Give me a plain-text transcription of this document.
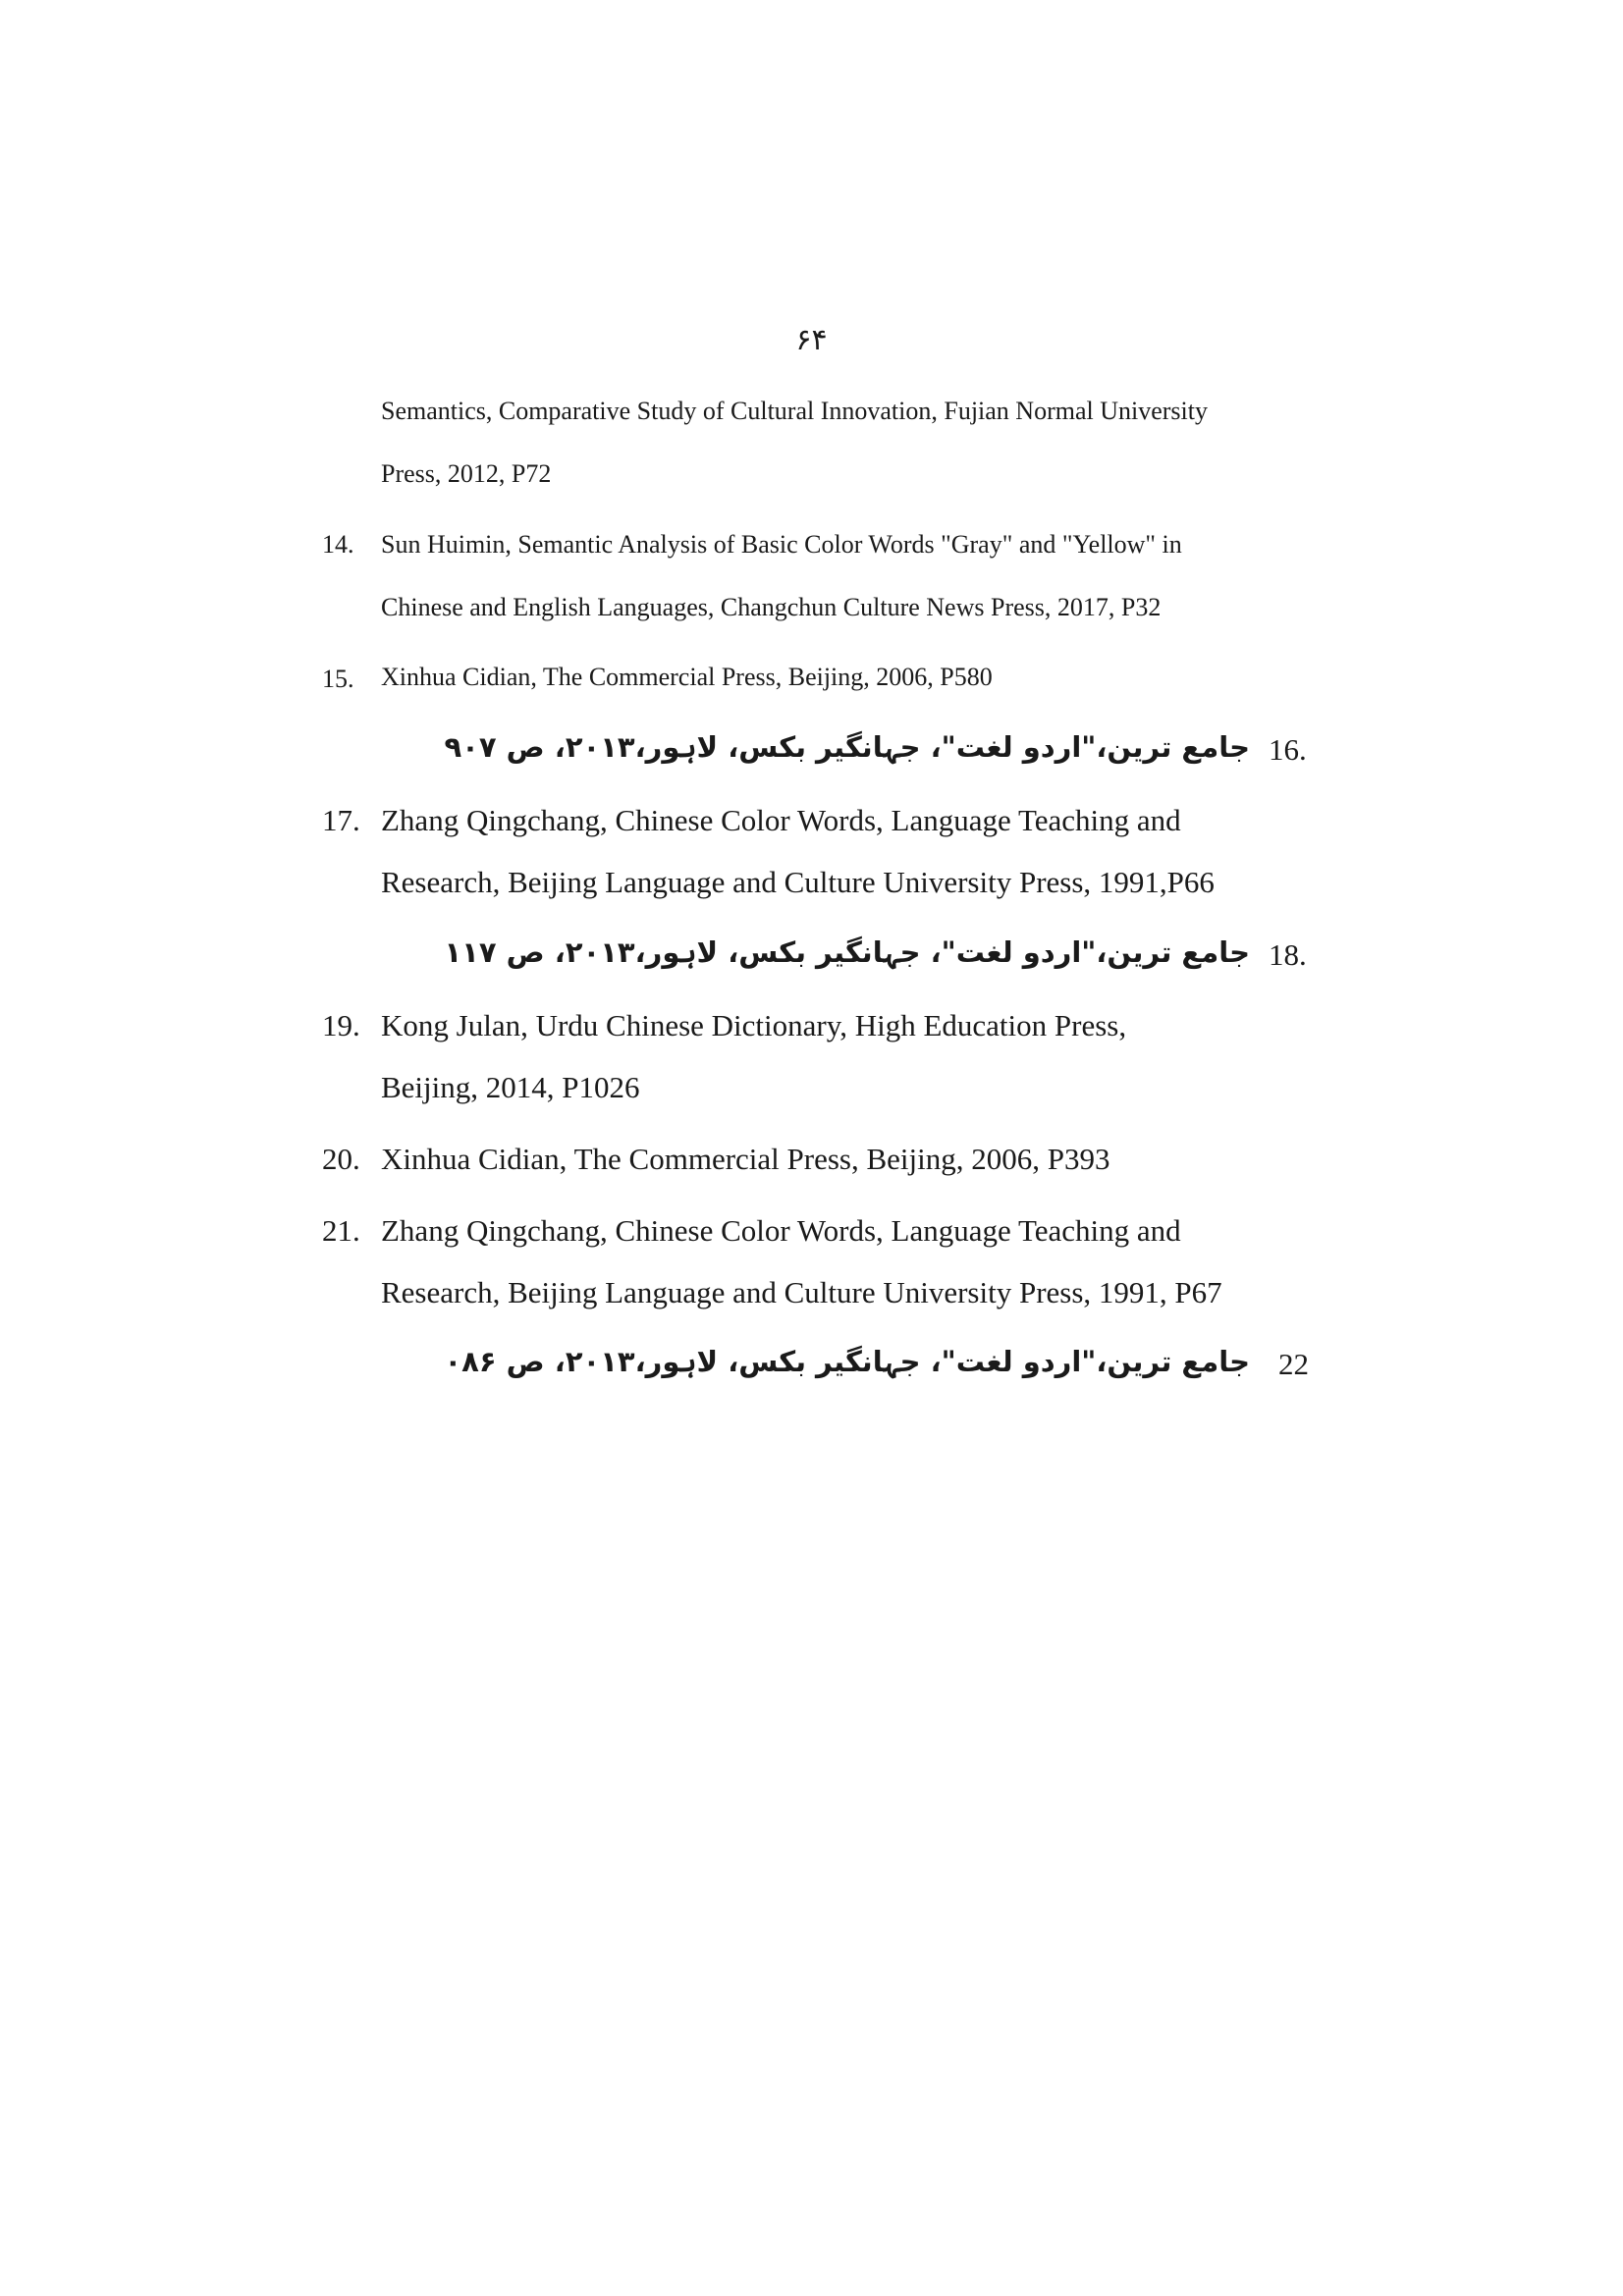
۶۴
Semantics, Comparative Study of Cultural Innovation, Fujian Normal University
Press, 2012, P72
14. Sun Huimin, Semantic Analysis of Basic Color Words "Gray" and "Yellow" in
Chinese and English Languages, Changchun Culture News Press, 2017, P32
15. Xinhua Cidian, The Commercial Press, Beijing, 2006, P580
16.
جامع ترین،"اردو لغت"، جہانگیر بکس، لاہور،۲۰۱۳، ص ۹۰۷
17. Zhang Qingchang, Chinese Color Words, Language Teaching and
Research, Beijing Language and Culture University Press, 1991,P66
18.
جامع ترین،"اردو لغت"، جہانگیر بکس، لاہور،۲۰۱۳، ص ۱۱۷
19. Kong Julan, Urdu Chinese Dictionary, High Education Press,
Beijing, 2014, P1026
20. Xinhua Cidian, The Commercial Press, Beijing, 2006, P393
21. Zhang Qingchang, Chinese Color Words, Language Teaching and
Research, Beijing Language and Culture University Press, 1991, P67
22
جامع ترین،"اردو لغت"، جہانگیر بکس، لاہور،۲۰۱۳، ص ۰۸۶
